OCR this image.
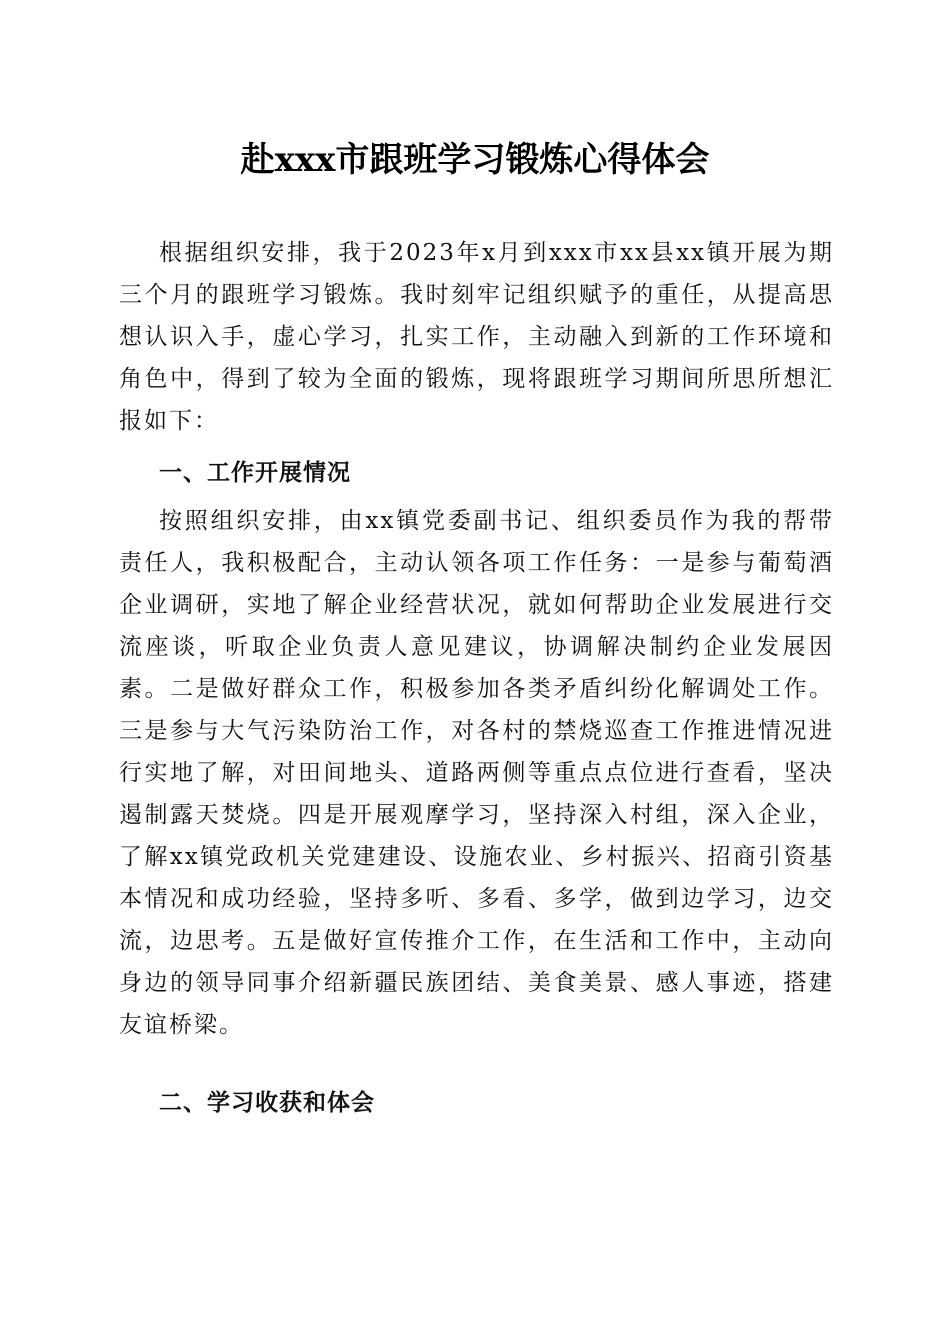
赴xxx市跟班学习锻炼心得体会

根据组织安排，我于2023年x月到xxx市xx县xx镇开展为期三个月的跟班学习锻炼。我时刻牢记组织赋予的重任，从提高思想认识入手，虚心学习，扎实工作，主动融入到新的工作环境和角色中，得到了较为全面的锻炼，现将跟班学习期间所思所想汇报如下：

一、工作开展情况

按照组织安排，由xx镇党委副书记、组织委员作为我的帮带责任人，我积极配合，主动认领各项工作任务：一是参与葡萄酒企业调研，实地了解企业经营状况，就如何帮助企业发展进行交流座谈，听取企业负责人意见建议，协调解决制约企业发展因素。二是做好群众工作，积极参加各类矛盾纠纷化解调处工作。三是参与大气污染防治工作，对各村的禁烧巡查工作推进情况进行实地了解，对田间地头、道路两侧等重点点位进行查看，坚决遏制露天焚烧。四是开展观摩学习，坚持深入村组，深入企业，了解xx镇党政机关党建建设、设施农业、乡村振兴、招商引资基本情况和成功经验，坚持多听、多看、多学，做到边学习，边交流，边思考。五是做好宣传推介工作，在生活和工作中，主动向身边的领导同事介绍新疆民族团结、美食美景、感人事迹，搭建友谊桥梁。

二、学习收获和体会
